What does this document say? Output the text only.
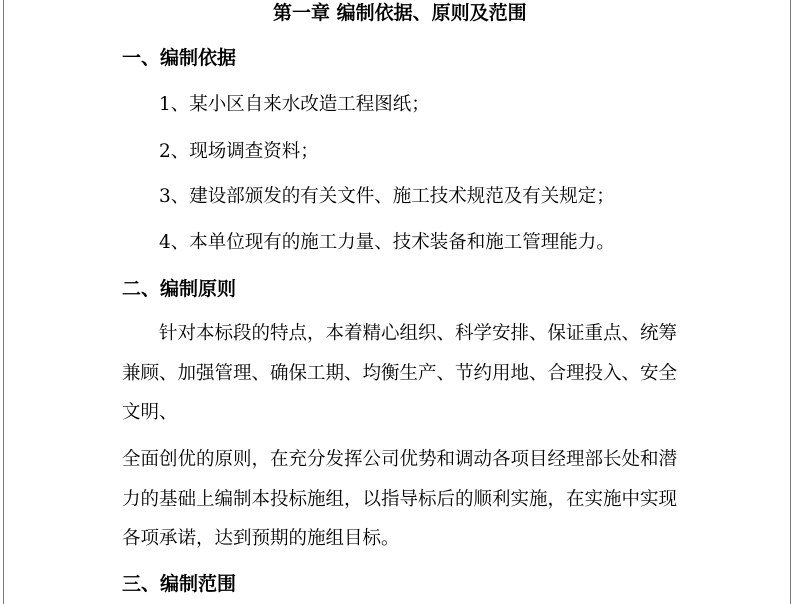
第一章 编制依据、原则及范围
一、编制依据
1、某小区自来水改造工程图纸；
2、现场调查资料；
3、建设部颁发的有关文件、施工技术规范及有关规定；
4、本单位现有的施工力量、技术装备和施工管理能力。
二、编制原则
针对本标段的特点，本着精心组织、科学安排、保证重点、统筹
兼顾、加强管理、确保工期、均衡生产、节约用地、合理投入、安全
文明、
全面创优的原则，在充分发挥公司优势和调动各项目经理部长处和潜
力的基础上编制本投标施组，以指导标后的顺利实施，在实施中实现
各项承诺，达到预期的施组目标。
三、编制范围
